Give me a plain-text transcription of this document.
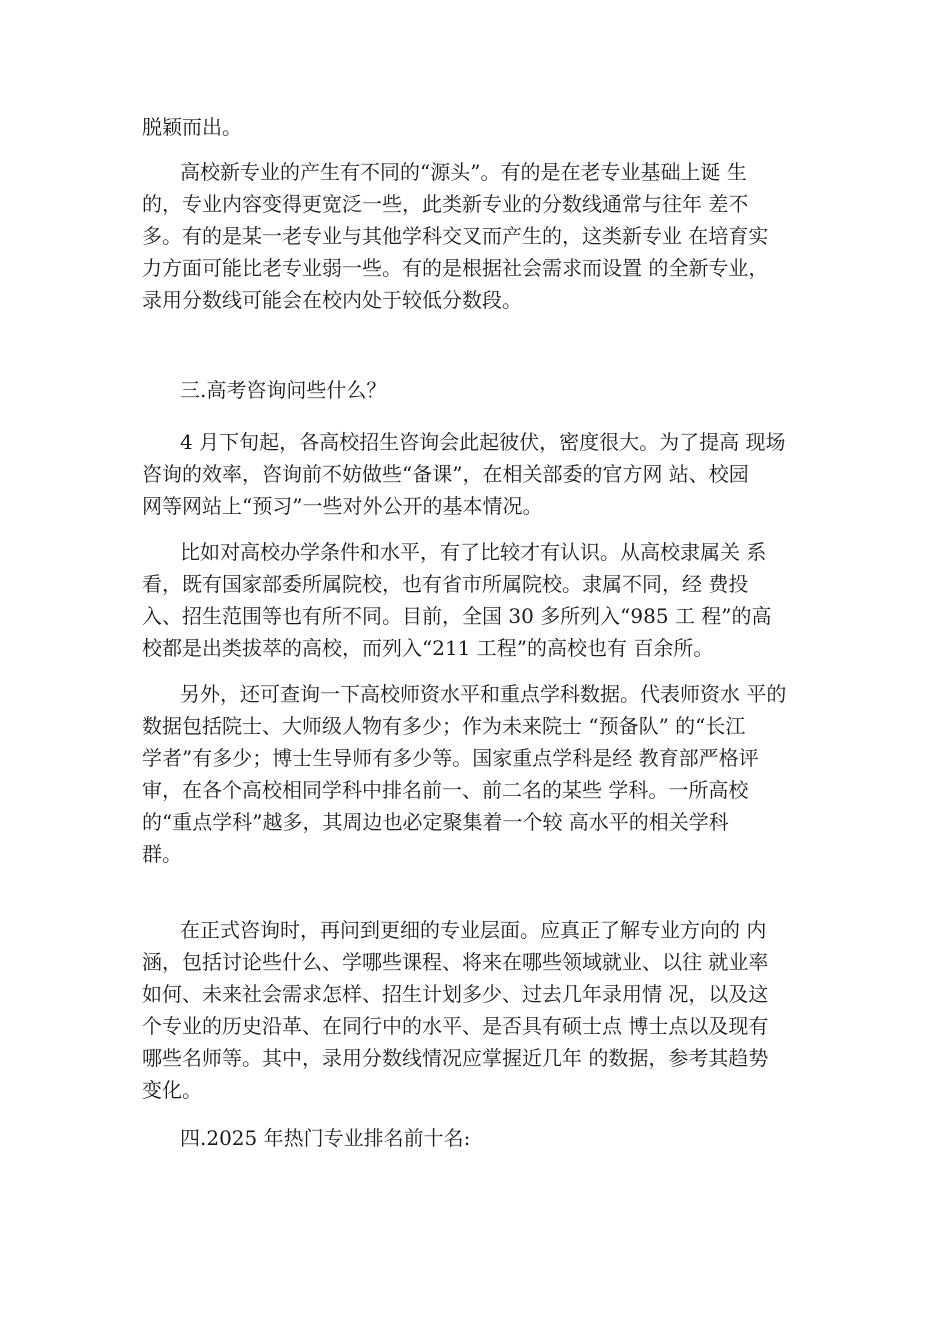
脱颖而出。

高校新专业的产生有不同的“源头”。有的是在老专业基础上诞 生

的，专业内容变得更宽泛一些，此类新专业的分数线通常与往年 差不

多。有的是某一老专业与其他学科交叉而产生的，这类新专业 在培育实

力方面可能比老专业弱一些。有的是根据社会需求而设置 的全新专业，

录用分数线可能会在校内处于较低分数段。

三.高考咨询问些什么？

4 月下旬起，各高校招生咨询会此起彼伏，密度很大。为了提高 现场

咨询的效率，咨询前不妨做些“备课”，在相关部委的官方网 站、校园

网等网站上“预习”一些对外公开的基本情况。

比如对高校办学条件和水平，有了比较才有认识。从高校隶属关 系

看，既有国家部委所属院校，也有省市所属院校。隶属不同，经 费投

入、招生范围等也有所不同。目前，全国 30 多所列入“985 工 程”的高

校都是出类拔萃的高校，而列入“211 工程”的高校也有 百余所。

另外，还可查询一下高校师资水平和重点学科数据。代表师资水 平的

数据包括院士、大师级人物有多少；作为未来院士 “预备队” 的“长江

学者”有多少；博士生导师有多少等。国家重点学科是经 教育部严格评

审，在各个高校相同学科中排名前一、前二名的某些 学科。一所高校

的“重点学科”越多，其周边也必定聚集着一个较 高水平的相关学科

群。

在正式咨询时，再问到更细的专业层面。应真正了解专业方向的 内

涵，包括讨论些什么、学哪些课程、将来在哪些领域就业、以往 就业率

如何、未来社会需求怎样、招生计划多少、过去几年录用情 况，以及这

个专业的历史沿革、在同行中的水平、是否具有硕士点 博士点以及现有

哪些名师等。其中，录用分数线情况应掌握近几年 的数据，参考其趋势

变化。

四.2025 年热门专业排名前十名:
